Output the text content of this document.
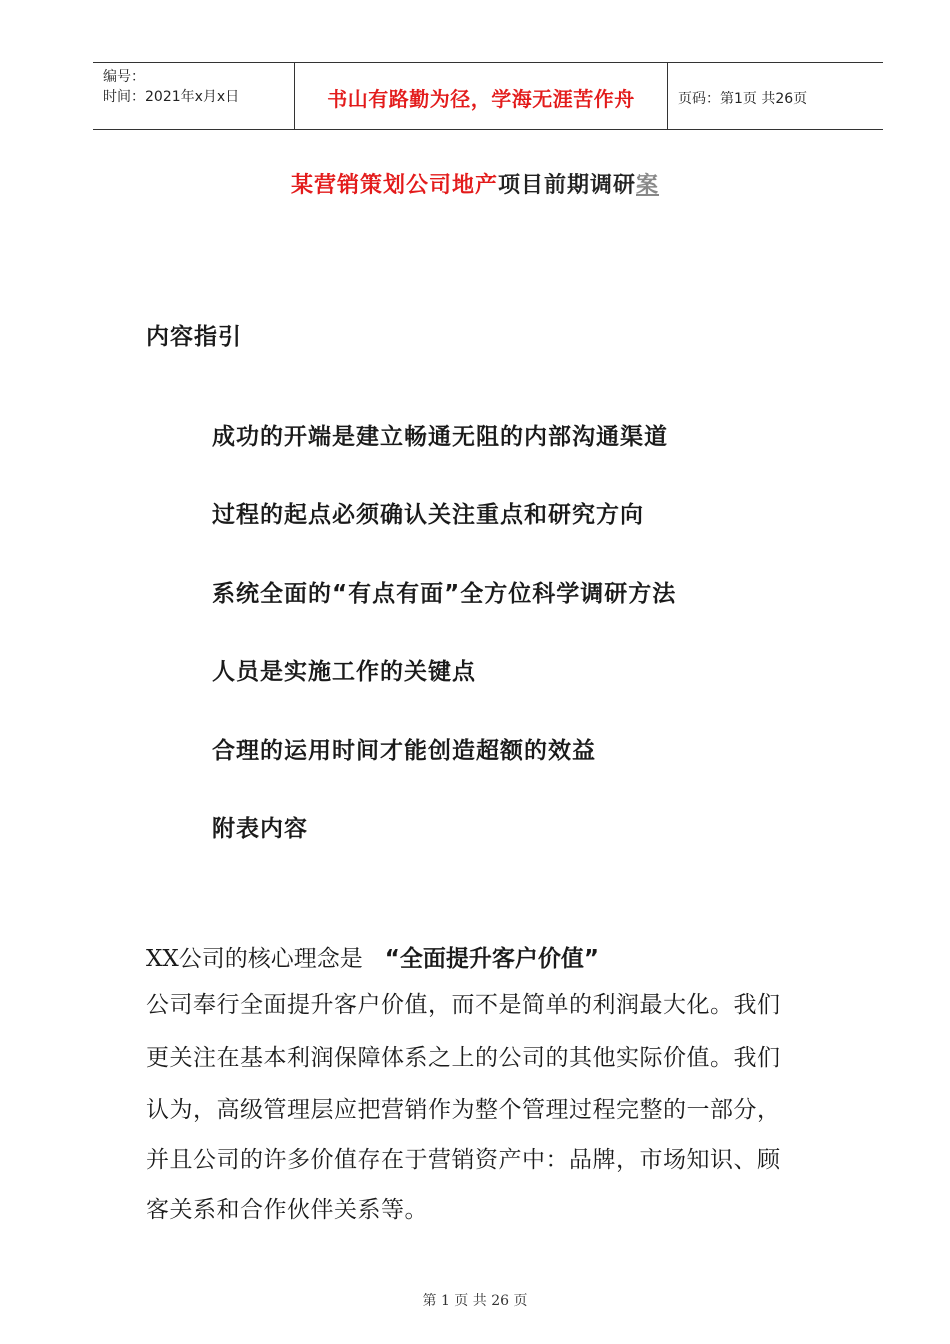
编号：
时间：2021年x月x日	书山有路勤为径，学海无涯苦作舟	页码：第1页 共26页
某营销策划公司地产项目前期调研案
内容指引
成功的开端是建立畅通无阻的内部沟通渠道
过程的起点必须确认关注重点和研究方向
系统全面的“有点有面”全方位科学调研方法
人员是实施工作的关键点
合理的运用时间才能创造超额的效益
附表内容
XX公司的核心理念是 “全面提升客户价值”
公司奉行全面提升客户价值，而不是简单的利润最大化。我们
更关注在基本利润保障体系之上的公司的其他实际价值。我们
认为，高级管理层应把营销作为整个管理过程完整的一部分，
并且公司的许多价值存在于营销资产中：品牌，市场知识、顾
客关系和合作伙伴关系等。
第 1 页 共 26 页
